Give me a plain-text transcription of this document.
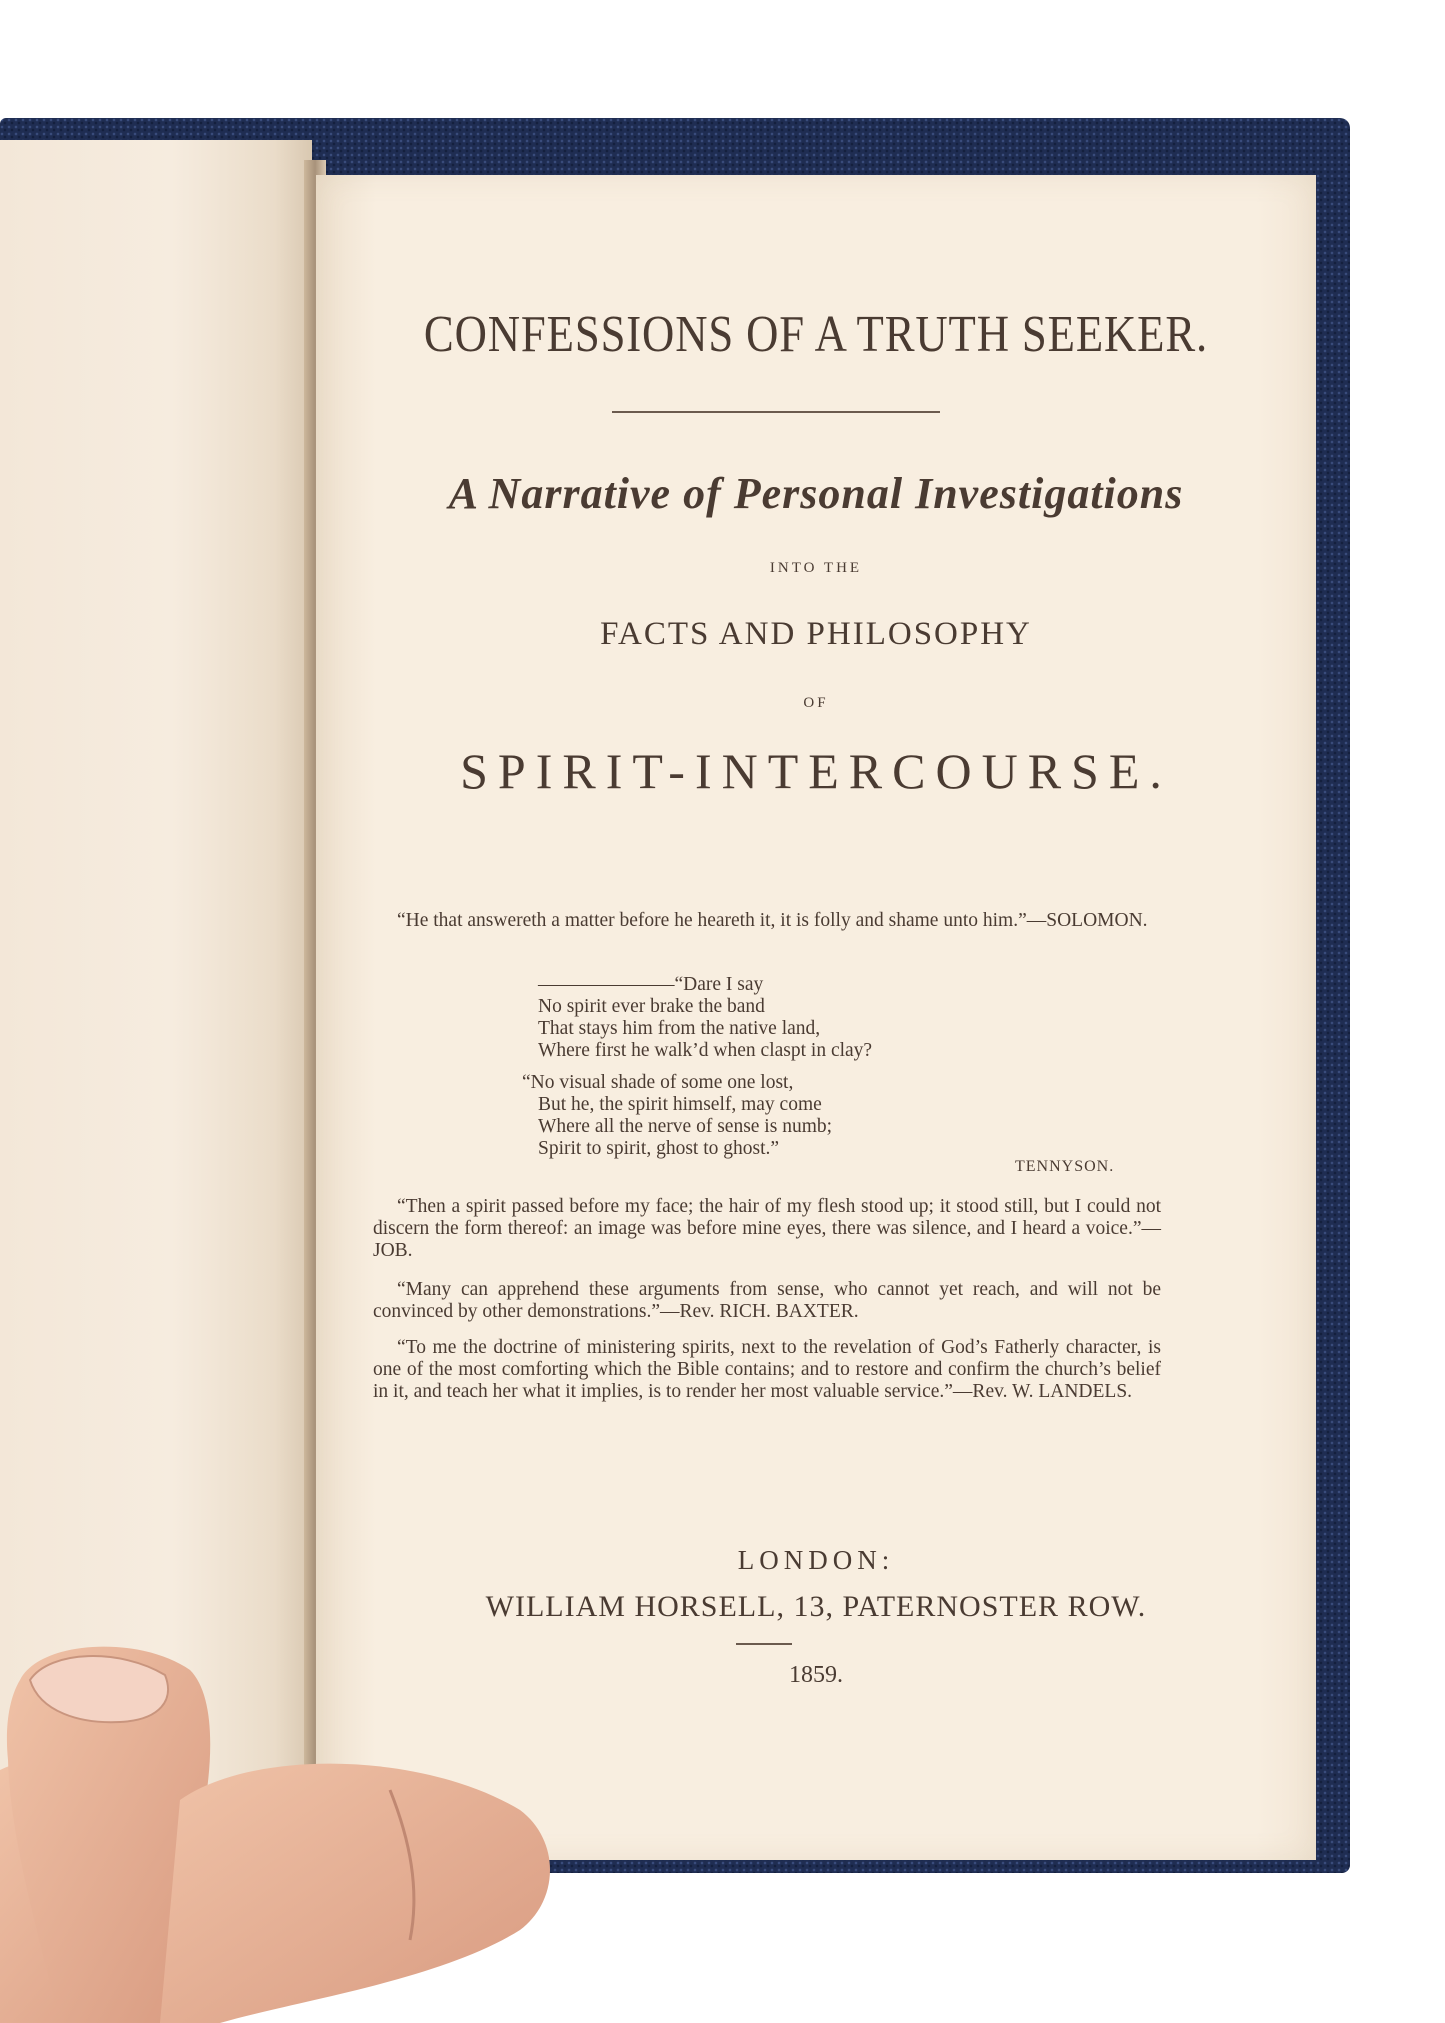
CONFESSIONS OF A TRUTH SEEKER.
A Narrative of Personal Investigations
INTO THE
FACTS AND PHILOSOPHY
OF
SPIRIT-INTERCOURSE.
“He that answereth a matter before he heareth it, it is folly and shame unto him.”—SOLOMON.
———————“Dare I say
No spirit ever brake the band
That stays him from the native land,
Where first he walk’d when claspt in clay?
“No visual shade of some one lost,
But he, the spirit himself, may come
Where all the nerve of sense is numb;
Spirit to spirit, ghost to ghost.”
TENNYSON.
“Then a spirit passed before my face; the hair of my flesh stood up; it stood still, but I could not discern the form thereof: an image was before mine eyes, there was silence, and I heard a voice.”—JOB.
“Many can apprehend these arguments from sense, who cannot yet reach, and will not be convinced by other demonstrations.”—Rev. RICH. BAXTER.
“To me the doctrine of ministering spirits, next to the revelation of God’s Fatherly character, is one of the most comforting which the Bible contains; and to restore and confirm the church’s belief in it, and teach her what it implies, is to render her most valuable service.”—Rev. W. LANDELS.
LONDON:
WILLIAM HORSELL, 13, PATERNOSTER ROW.
1859.
